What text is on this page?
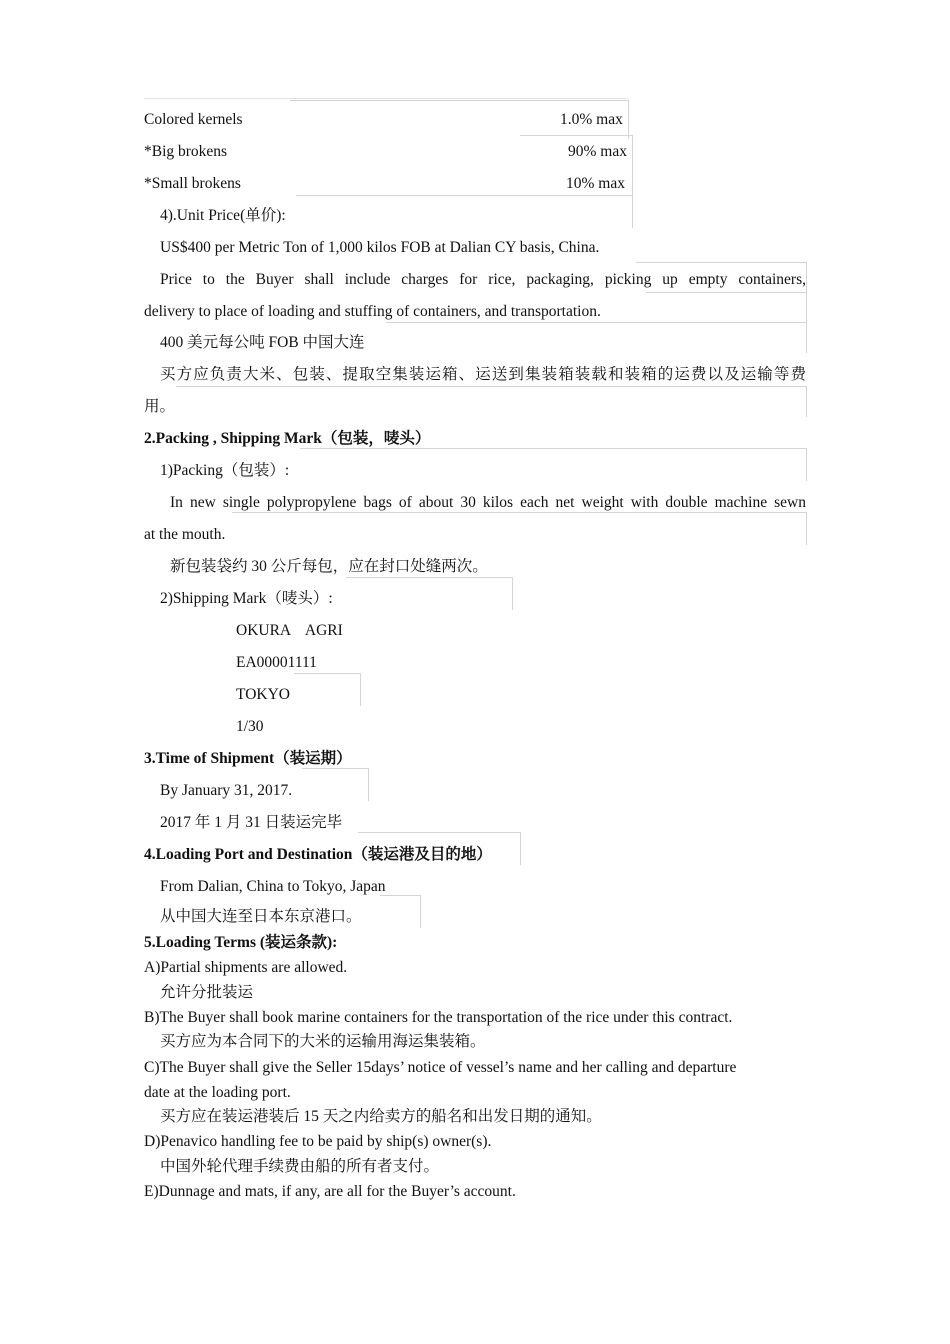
Colored kernels	1.0% max
*Big brokens	90% max
*Small brokens	10% max
4).Unit Price(单价):
US$400 per Metric Ton of 1,000 kilos FOB at Dalian CY basis, China.
Price to the Buyer shall include charges for rice, packaging, picking up empty containers,
delivery to place of loading and stuffing of containers, and transportation.
400 美元每公吨 FOB 中国大连
买方应负责大米、包装、提取空集装运箱、运送到集装箱装载和装箱的运费以及运输等费
用。
2.Packing , Shipping Mark（包装，唛头）
1)Packing（包装）:
In new single polypropylene bags of about 30 kilos each net weight with double machine sewn
at the mouth.
新包装袋约 30 公斤每包，应在封口处缝两次。
2)Shipping Mark（唛头）:
OKURA    AGRI
EA00001111
TOKYO
1/30
3.Time of Shipment（装运期）
By January 31, 2017.
2017 年 1 月 31 日装运完毕
4.Loading Port and Destination（装运港及目的地）
From Dalian, China to Tokyo, Japan
从中国大连至日本东京港口。
5.Loading Terms (装运条款):
A)Partial shipments are allowed.
允许分批装运
B)The Buyer shall book marine containers for the transportation of the rice under this contract.
买方应为本合同下的大米的运输用海运集装箱。
C)The Buyer shall give the Seller 15days’ notice of vessel’s name and her calling and departure
date at the loading port.
买方应在装运港装后 15 天之内给卖方的船名和出发日期的通知。
D)Penavico handling fee to be paid by ship(s) owner(s).
中国外轮代理手续费由船的所有者支付。
E)Dunnage and mats, if any, are all for the Buyer’s account.
